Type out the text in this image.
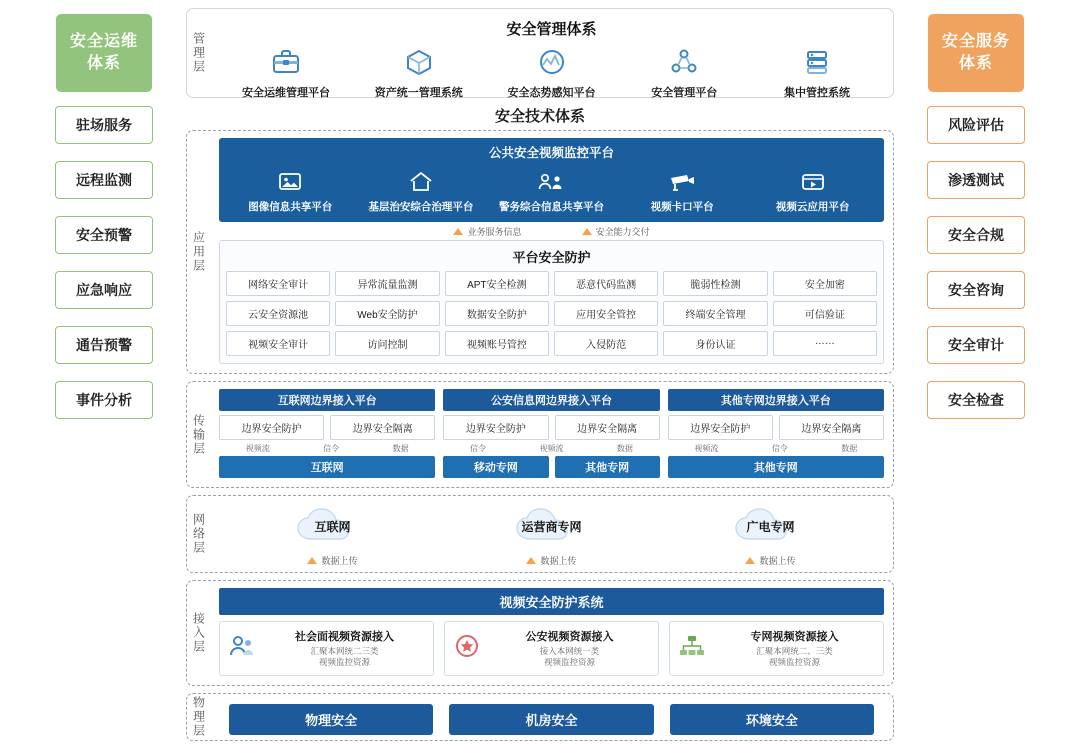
安全运维
体系
驻场服务
远程监测
安全预警
应急响应
通告预警
事件分析
安全服务
体系
风险评估
渗透测试
安全合规
安全咨询
安全审计
安全检查
管理层
安全管理体系
安全运维管理平台	资产统一管理系统	安全态势感知平台	安全管理平台	集中管控系统
安全技术体系
应用层
公共安全视频监控平台
图像信息共享平台	基层治安综合治理平台	警务综合信息共享平台	视频卡口平台	视频云应用平台
业务服务信息	安全能力交付
平台安全防护
网络安全审计	异常流量监测	APT安全检测	恶意代码监测	脆弱性检测	安全加密
云安全资源池	Web安全防护	数据安全防护	应用安全管控	终端安全管理	可信验证
视频安全审计	访问控制	视频账号管控	入侵防范	身份认证	……
传输层
互联网边界接入平台
边界安全防护	边界安全隔离
视频流	信令	数据
互联网
公安信息网边界接入平台
边界安全防护	边界安全隔离
信令	视频流	数据
移动专网	其他专网
其他专网边界接入平台
边界安全防护	边界安全隔离
视频流	信令	数据
其他专网
网络层
	互联网
数据上传
运营商专网
数据上传
广电专网
数据上传
接入层
视频安全防护系统
社会面视频资源接入
汇聚本网统二三类
视频监控资源
公安视频资源接入
接入本网统一类
视频监控资源
专网视频资源接入
汇聚本网统二、三类
视频监控资源
物理层	物理安全	机房安全	环境安全
